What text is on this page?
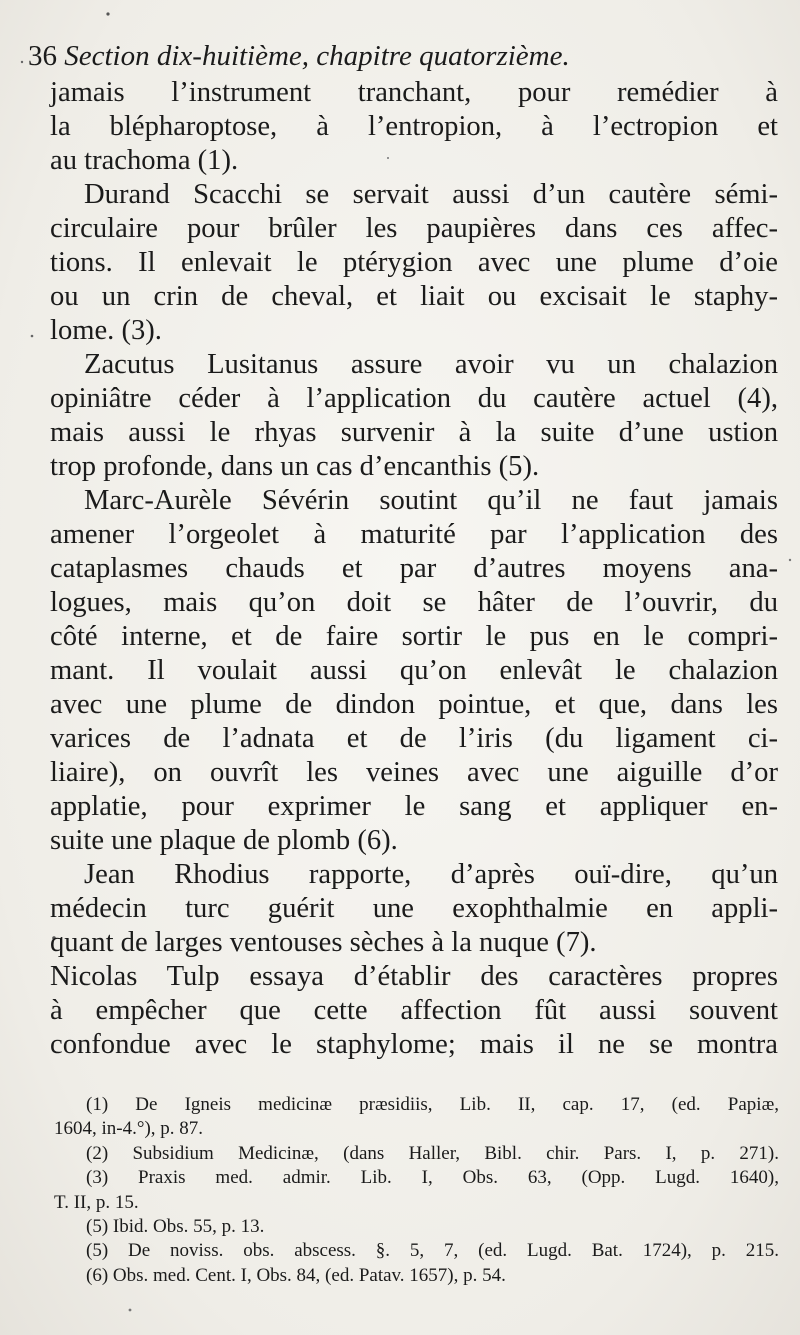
36 Section dix-huitième, chapitre quatorzième.
jamais l’instrument tranchant, pour remédier à
la blépharoptose, à l’entropion, à l’ectropion et
au trachoma (1).
Durand Scacchi se servait aussi d’un cautère sémi-
circulaire pour brûler les paupières dans ces affec-
tions. Il enlevait le ptérygion avec une plume d’oie
ou un crin de cheval, et liait ou excisait le staphy-
lome. (3).
Zacutus Lusitanus assure avoir vu un chalazion
opiniâtre céder à l’application du cautère actuel (4),
mais aussi le rhyas survenir à la suite d’une ustion
trop profonde, dans un cas d’encanthis (5).
Marc-Aurèle Sévérin soutint qu’il ne faut jamais
amener l’orgeolet à maturité par l’application des
cataplasmes chauds et par d’autres moyens ana-
logues, mais qu’on doit se hâter de l’ouvrir, du
côté interne, et de faire sortir le pus en le compri-
mant. Il voulait aussi qu’on enlevât le chalazion
avec une plume de dindon pointue, et que, dans les
varices de l’adnata et de l’iris (du ligament ci-
liaire), on ouvrît les veines avec une aiguille d’or
applatie, pour exprimer le sang et appliquer en-
suite une plaque de plomb (6).
Jean Rhodius rapporte, d’après ouï-dire, qu’un
médecin turc guérit une exophthalmie en appli-
quant de larges ventouses sèches à la nuque (7).
Nicolas Tulp essaya d’établir des caractères propres
à empêcher que cette affection fût aussi souvent
confondue avec le staphylome; mais il ne se montra
(1) De Igneis medicinæ præsidiis, Lib. II, cap. 17, (ed. Papiæ,
1604, in-4.°), p. 87.
(2) Subsidium Medicinæ, (dans Haller, Bibl. chir. Pars. I, p. 271).
(3) Praxis med. admir. Lib. I, Obs. 63, (Opp. Lugd. 1640),
T. II, p. 15.
(5) Ibid. Obs. 55, p. 13.
(5) De noviss. obs. abscess. §. 5, 7, (ed. Lugd. Bat. 1724), p. 215.
(6) Obs. med. Cent. I, Obs. 84, (ed. Patav. 1657), p. 54.
